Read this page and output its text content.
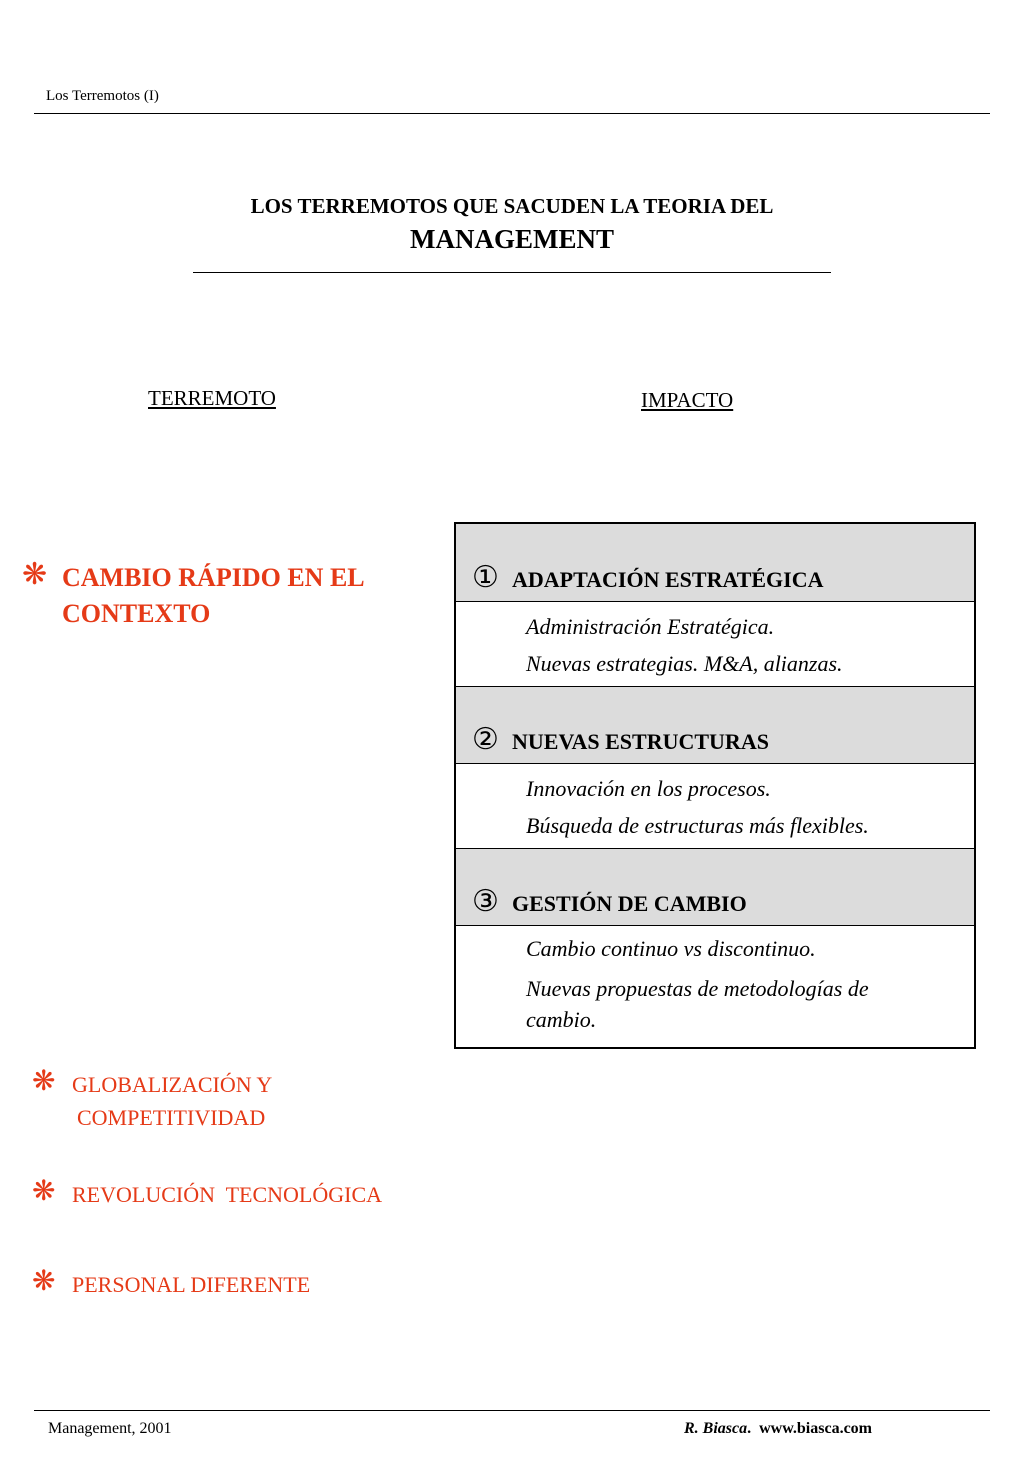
Los Terremotos (I)
LOS TERREMOTOS QUE SACUDEN LA TEORIA DEL
MANAGEMENT
TERREMOTO	IMPACTO
❋ CAMBIO RÁPIDO EN EL
CONTEXTO
❋ GLOBALIZACIÓN Y
COMPETITIVIDAD
❋ REVOLUCIÓN  TECNOLÓGICA
❋ PERSONAL DIFERENTE
① ADAPTACIÓN ESTRATÉGICA
Administración Estratégica.
Nuevas estrategias. M&A, alianzas.
② NUEVAS ESTRUCTURAS
Innovación en los procesos.
Búsqueda de estructuras más flexibles.
③ GESTIÓN DE CAMBIO
Cambio continuo vs discontinuo.
Nuevas propuestas de metodologías de cambio.
Management, 2001	R. Biasca. www.biasca.com
